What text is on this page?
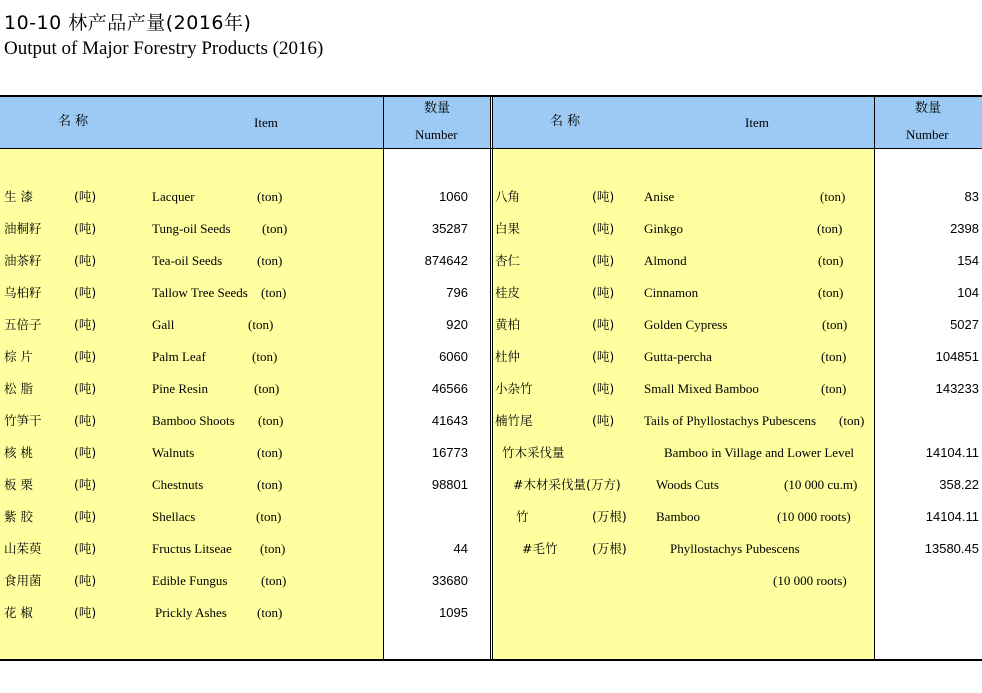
10-10 林产品产量(2016年)
Output of Major Forestry Products (2016)
名 称	Item
数量
Number
名 称	Item
数量
Number
生 漆	(吨)	Lacquer	(ton)	1060
油桐籽	(吨)	Tung-oil Seeds (ton)	35287
油茶籽	(吨)	Tea-oil Seeds	(ton)	874642
乌桕籽	(吨)	Tallow Tree Seeds (ton)	796
五倍子	(吨)	Gall	(ton)	920
棕 片	(吨)	Palm Leaf	(ton)	6060
松 脂	(吨)	Pine Resin	(ton)	46566
竹笋干	(吨)	Bamboo Shoots (ton)	41643
核 桃	(吨)	Walnuts	(ton)	16773
板 栗	(吨)	Chestnuts	(ton)	98801
紫 胶	(吨)	Shellacs	(ton)
山茱萸	(吨)	Fructus Litseae (ton)	44
食用菌	(吨)	Edible Fungus	(ton)	33680
花 椒	(吨)	Prickly Ashes (ton)	1095
八角	(吨) Anise	(ton)	83
白果	(吨) Ginkgo	(ton)	2398
杏仁	(吨) Almond	(ton)	154
桂皮	(吨) Cinnamon	(ton)	104
黄柏	(吨) Golden Cypress	(ton)	5027
杜仲	(吨) Gutta-percha	(ton)	104851
小杂竹	(吨) Small Mixed Bamboo	(ton)	143233
楠竹尾	(吨) Tails of Phyllostachys Pubescens (ton)
竹木采伐量	Bamboo in Village and Lower Level	14104.11
#木材采伐量(万方)	Woods Cuts	(10 000 cu.m)	358.22
竹	(万根) Bamboo	(10 000 roots)	14104.11
#毛竹	(万根)	Phyllostachys Pubescens	13580.45
(10 000 roots)
